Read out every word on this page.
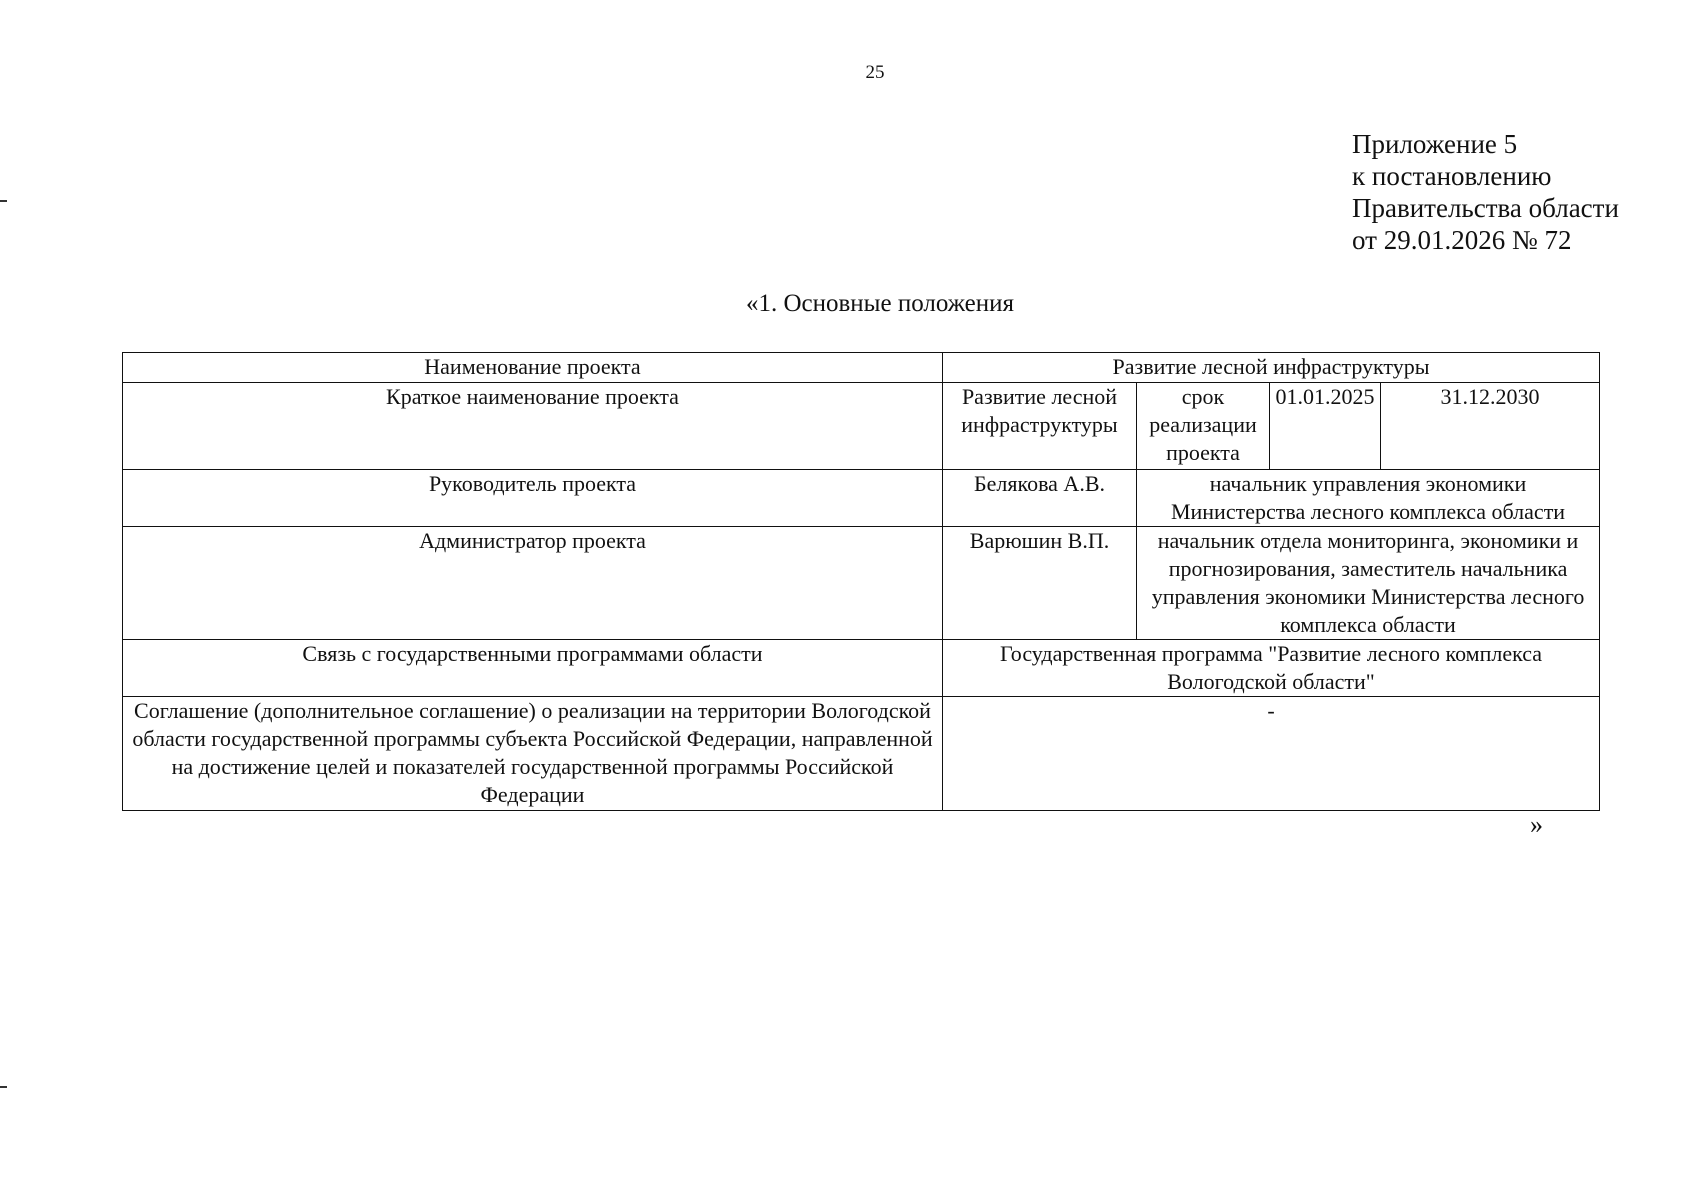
25
Приложение 5
к постановлению
Правительства области
от 29.01.2026 № 72
«1. Основные положения
Наименование проекта	Развитие лесной инфраструктуры			
Краткое наименование проекта	Развитие лесной инфраструктуры	срок реализации проекта	01.01.2025	31.12.2030
Руководитель проекта	Белякова А.В.	начальник управления экономики Министерства лесного комплекса области		
Администратор проекта	Варюшин В.П.	начальник отдела мониторинга, экономики и прогнозирования, заместитель начальника управления экономики Министерства лесного комплекса области		
Связь с государственными программами области	Государственная программа "Развитие лесного комплекса Вологодской области"			
Соглашение (дополнительное соглашение) о реализации на территории Вологодской области государственной программы субъекта Российской Федерации, направленной на достижение целей и показателей государственной программы Российской Федерации	-			
»
